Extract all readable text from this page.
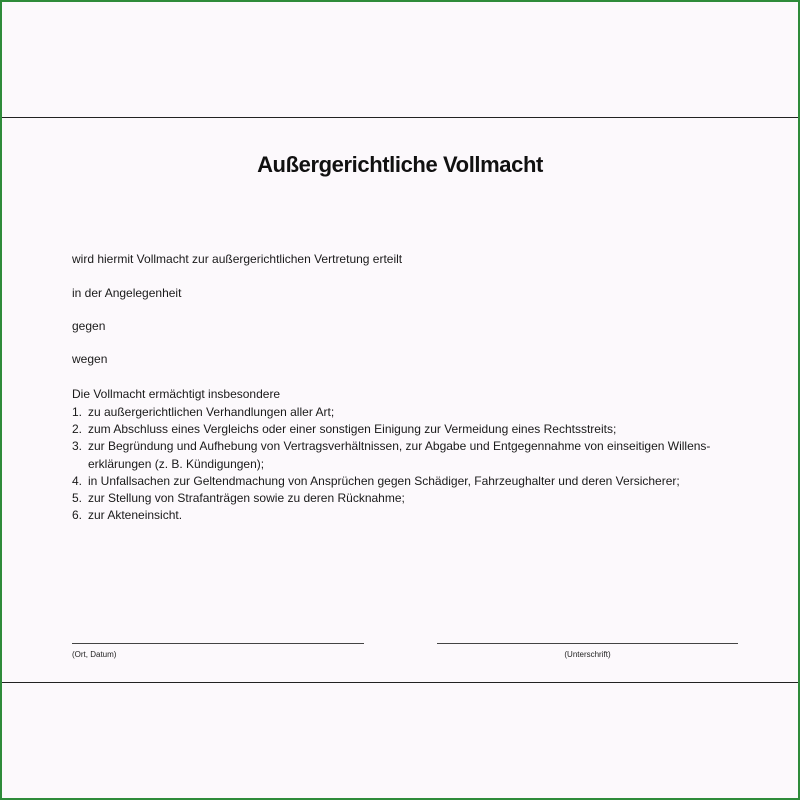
Außergerichtliche Vollmacht
wird hiermit Vollmacht zur außergerichtlichen Vertretung erteilt
in der Angelegenheit
gegen
wegen
Die Vollmacht ermächtigt insbesondere
1. zu außergerichtlichen Verhandlungen aller Art;
2. zum Abschluss eines Vergleichs oder einer sonstigen Einigung zur Vermeidung eines Rechtsstreits;
3. zur Begründung und Aufhebung von Vertragsverhältnissen, zur Abgabe und Entgegennahme von einseitigen Willens-erklärungen (z. B. Kündigungen);
4. in Unfallsachen zur Geltendmachung von Ansprüchen gegen Schädiger, Fahrzeughalter und deren Versicherer;
5. zur Stellung von Strafanträgen sowie zu deren Rücknahme;
6. zur Akteneinsicht.
(Ort, Datum)	(Unterschrift)
